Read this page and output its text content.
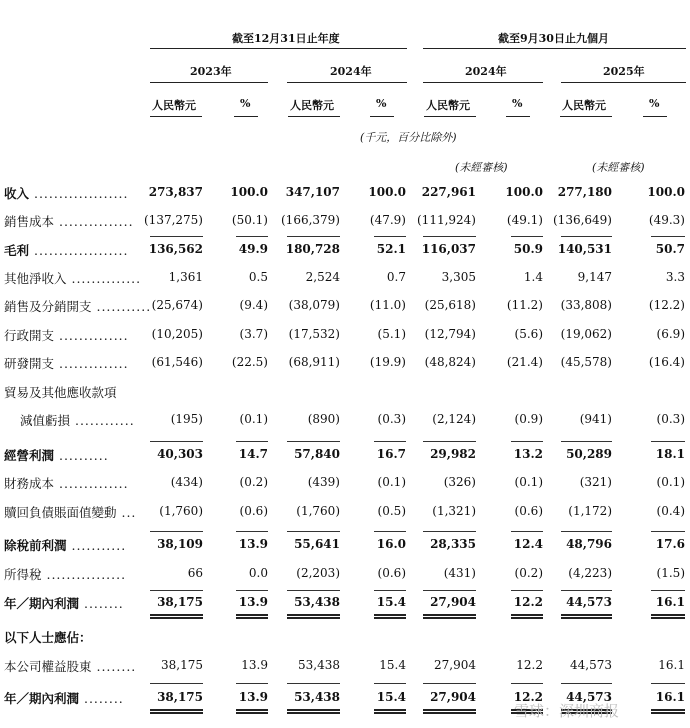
截至12月31日止年度	截至9月30日止九個月
2023年	2024年	2024年	2025年
人民幣元	人民幣元	人民幣元	人民幣元
%	%	%	%
(千元，百分比除外)
(未經審核)	(未經審核)
收入 ................... 273,837 100.0 347,107 100.0 227,961 100.0 277,180	100.0
銷售成本 ............... (137,275) (50.1) (166,379) (47.9) (111,924)	(49.1) (136,649)	(49.3)
毛利 ................... 136,562	49.9 180,728	52.1 116,037	50.9 140,531	50.7
其他淨收入 .............. 1,361	0.5	2,524	0.7	3,305	1.4	9,147	3.3
銷售及分銷開支 ........... (25,674)	(9.4) (38,079) (11.0) (25,618)	(11.2) (33,808)	(12.2)
行政開支 .............. (10,205)	(3.7) (17,532)	(5.1) (12,794)	(5.6) (19,062)	(6.9)
研發開支 .............. (61,546) (22.5) (68,911) (19.9) (48,824)	(21.4) (45,578)	(16.4)
貿易及其他應收款項
減值虧損 ............	(195)	(0.1)	(890)	(0.3) (2,124)	(0.9)	(941)	(0.3)
經營利潤 ..........	40,303	14.7 57,840	16.7 29,982	13.2 50,289	18.1
財務成本 ..............	(434)	(0.2)	(439)	(0.1)	(326)	(0.1)	(321)	(0.1)
贖回負債賬面值變動 ... (1,760)	(0.6) (1,760)	(0.5) (1,321)	(0.6) (1,172)	(0.4)
除稅前利潤 ...........	38,109	13.9 55,641	16.0 28,335	12.4 48,796	17.6
所得稅 ................	66	0.0 (2,203)	(0.6)	(431)	(0.2) (4,223)	(1.5)
年／期內利潤 ........	38,175	13.9 53,438	15.4 27,904	12.2 44,573	16.1
以下人士應佔：
本公司權益股東 ........ 38,175	13.9	53,438	15.4 27,904	12.2 44,573	16.1
年／期內利潤 ........	38,175	13.9 53,438	15.4 27,904	12.2 44,573	16.1
雪球：深圳商报
